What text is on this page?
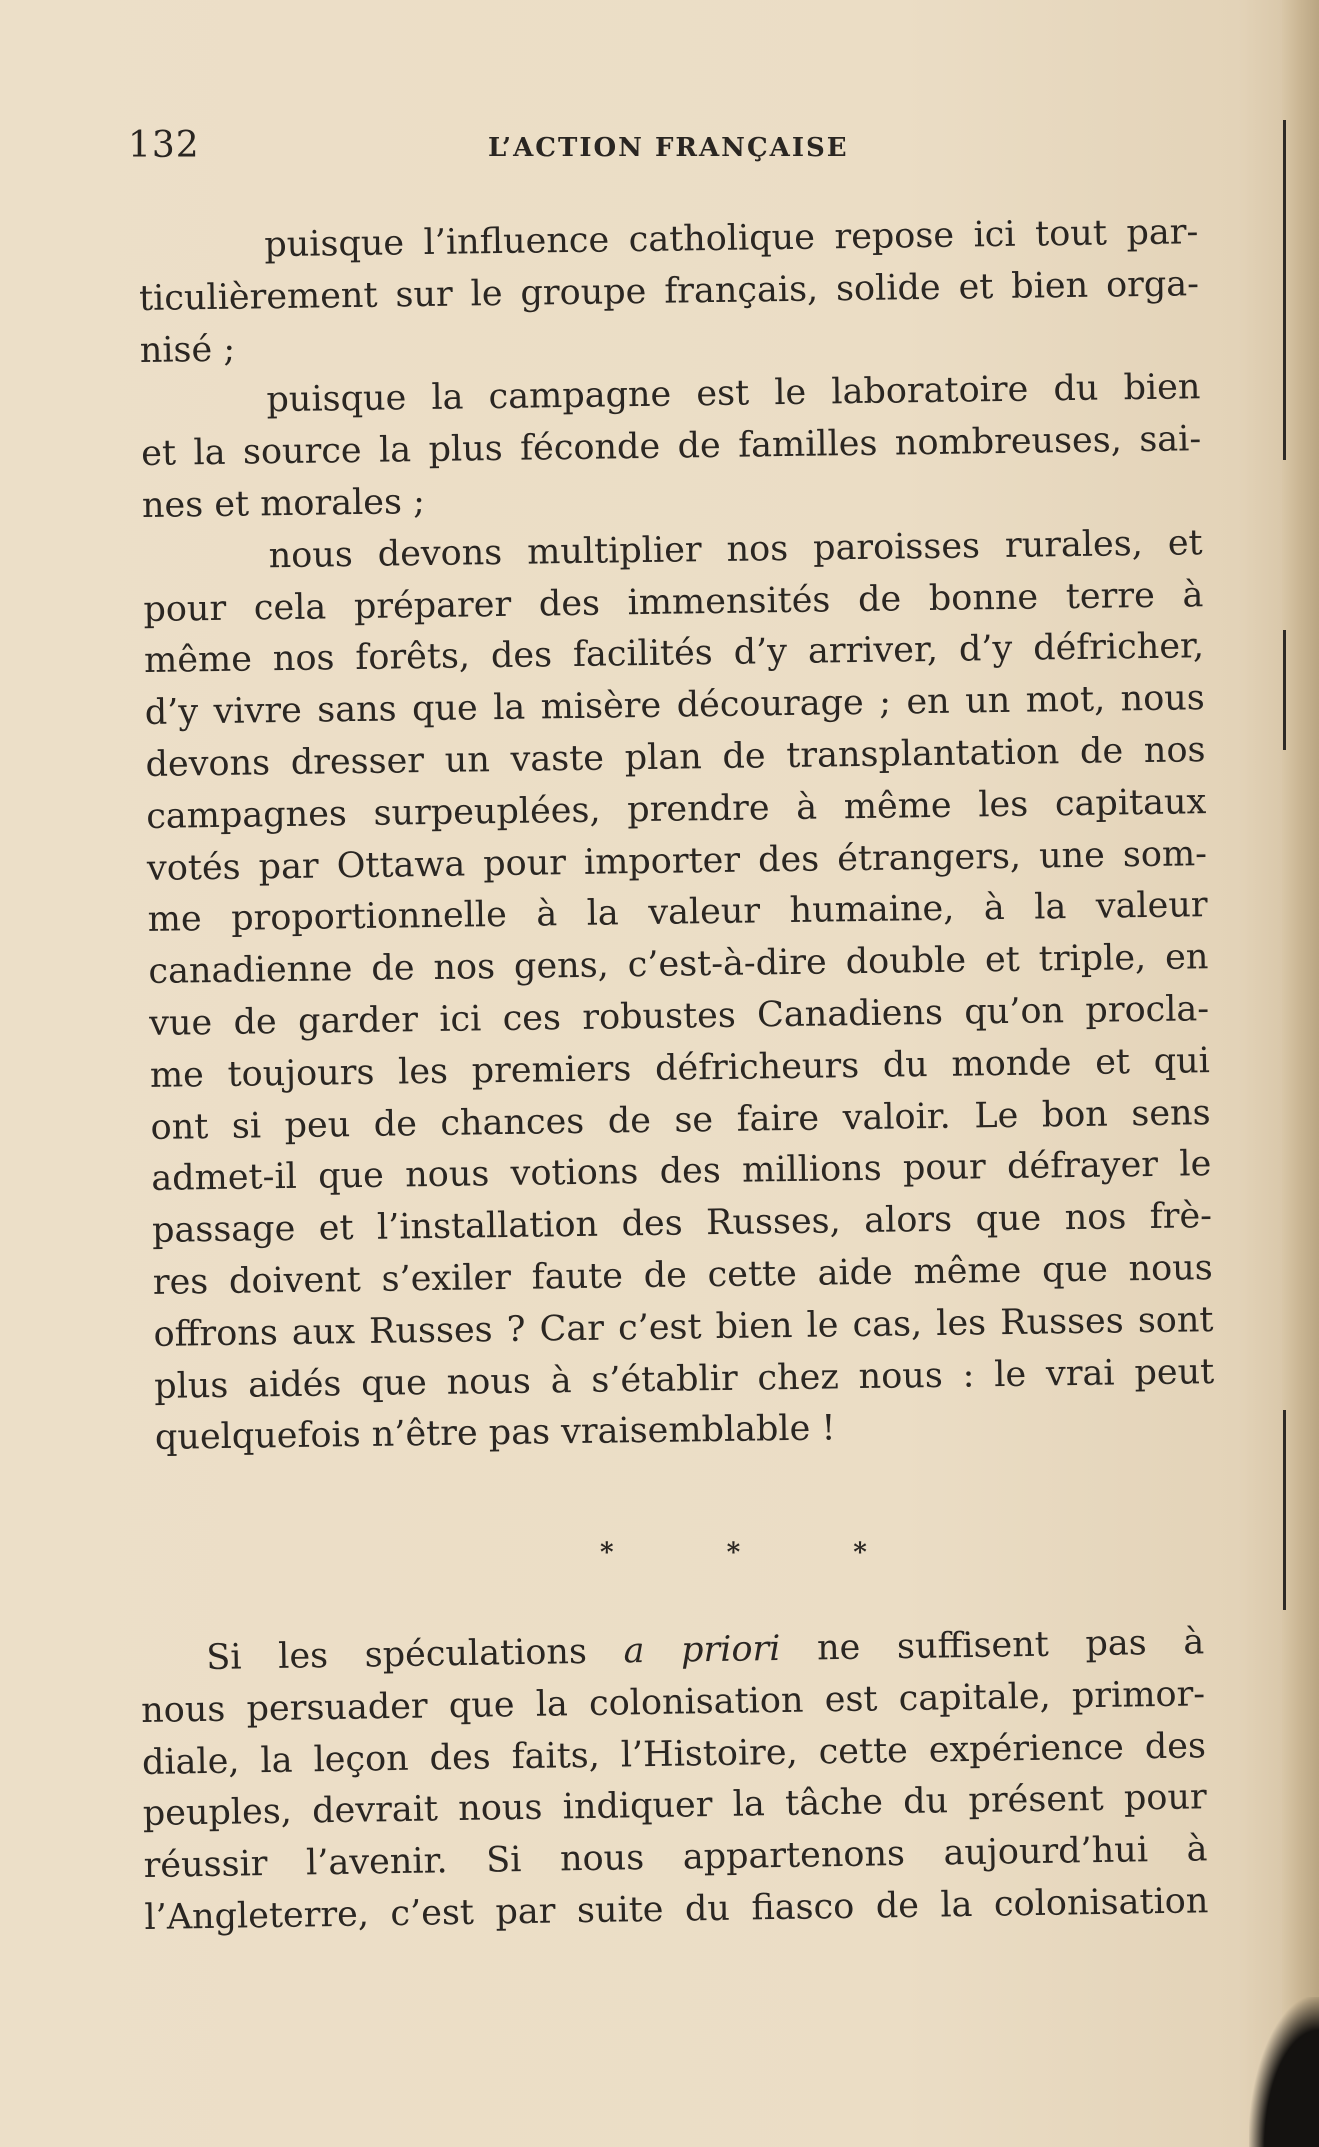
132	L’ACTION FRANÇAISE
puisque l’influence catholique repose ici tout par-
ticulièrement sur le groupe français, solide et bien orga-
nisé ;
puisque la campagne est le laboratoire du bien
et la source la plus féconde de familles nombreuses, sai-
nes et morales ;
nous devons multiplier nos paroisses rurales, et
pour cela préparer des immensités de bonne terre à
même nos forêts, des facilités d’y arriver, d’y défricher,
d’y vivre sans que la misère décourage ; en un mot, nous
devons dresser un vaste plan de transplantation de nos
campagnes surpeuplées, prendre à même les capitaux
votés par Ottawa pour importer des étrangers, une som-
me proportionnelle à la valeur humaine, à la valeur
canadienne de nos gens, c’est-à-dire double et triple, en
vue de garder ici ces robustes Canadiens qu’on procla-
me toujours les premiers défricheurs du monde et qui
ont si peu de chances de se faire valoir. Le bon sens
admet-il que nous votions des millions pour défrayer le
passage et l’installation des Russes, alors que nos frè-
res doivent s’exiler faute de cette aide même que nous
offrons aux Russes ? Car c’est bien le cas, les Russes sont
plus aidés que nous à s’établir chez nous : le vrai peut
quelquefois n’être pas vraisemblable !
* * *
Si les spéculations a priori ne suffisent pas à
nous persuader que la colonisation est capitale, primor-
diale, la leçon des faits, l’Histoire, cette expérience des
peuples, devrait nous indiquer la tâche du présent pour
réussir l’avenir. Si nous appartenons aujourd’hui à
l’Angleterre, c’est par suite du fiasco de la colonisation
